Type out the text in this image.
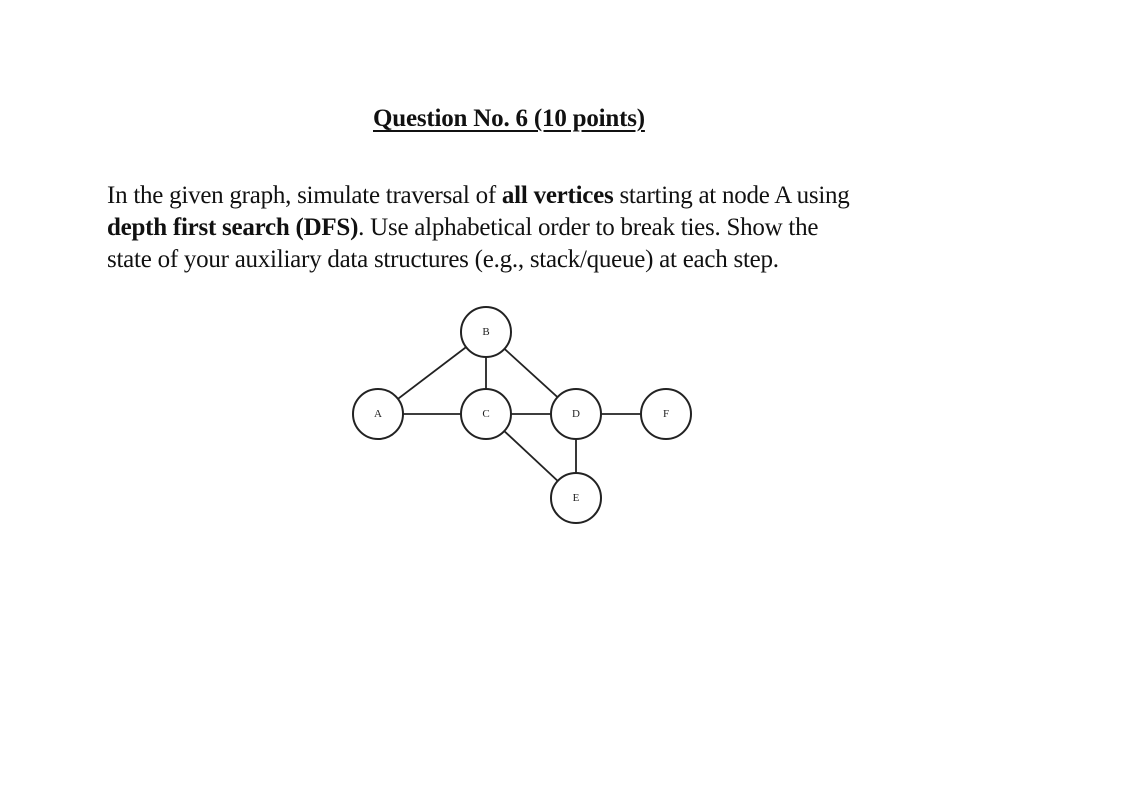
Question No. 6 (10 points)

In the given graph, simulate traversal of all vertices starting at node A using
depth first search (DFS). Use alphabetical order to break ties. Show the
state of your auxiliary data structures (e.g., stack/queue) at each step.

A
B
C	D
E
F
